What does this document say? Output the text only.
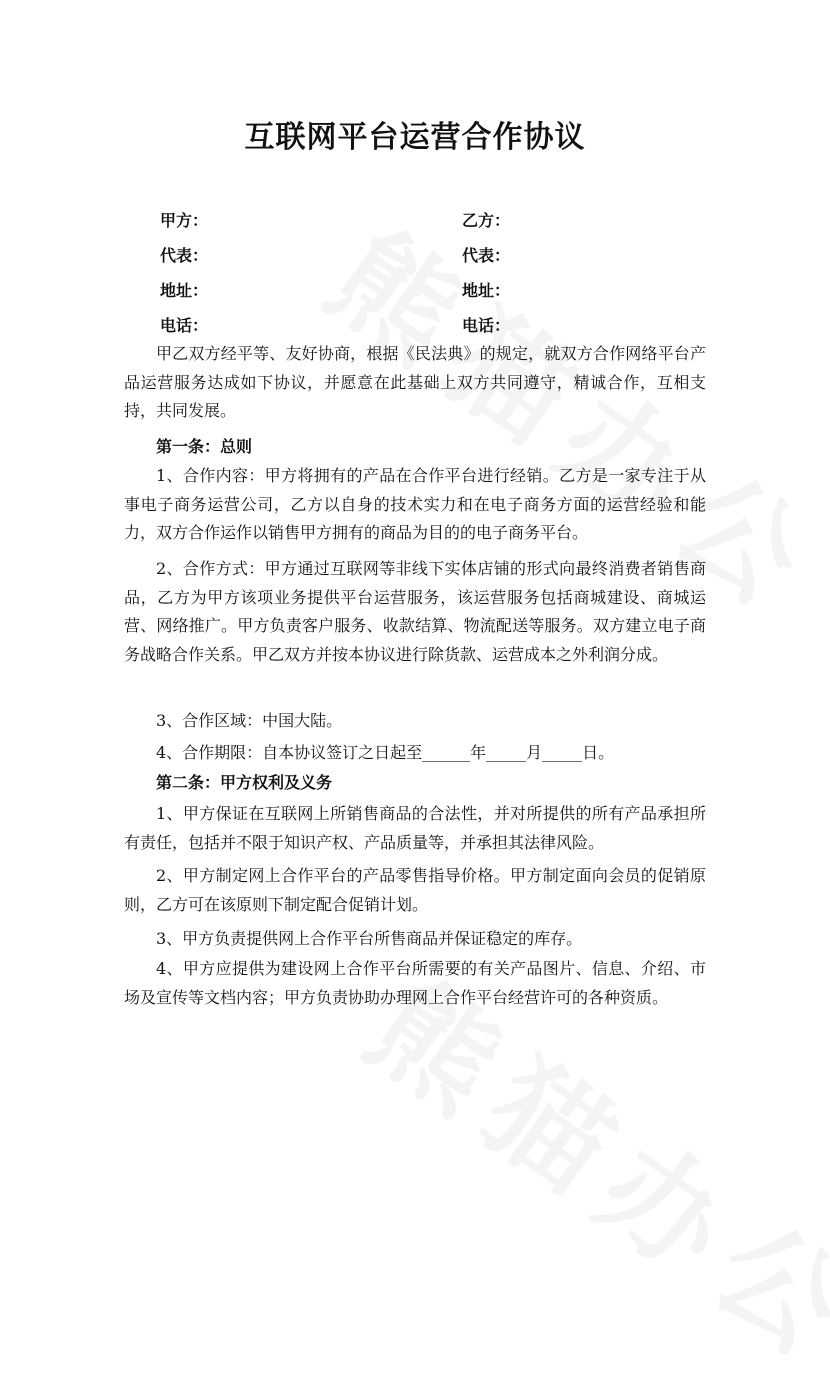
互联网平台运营合作协议
甲方：	乙方：
代表：	代表：
地址：	地址：
电话：	电话：

甲乙双方经平等、友好协商，根据《民法典》的规定，就双方合作网络平台产品运营服务达成如下协议，并愿意在此基础上双方共同遵守，精诚合作，互相支持，共同发展。

第一条：总则

1、合作内容：甲方将拥有的产品在合作平台进行经销。乙方是一家专注于从事电子商务运营公司，乙方以自身的技术实力和在电子商务方面的运营经验和能力，双方合作运作以销售甲方拥有的商品为目的的电子商务平台。

2、合作方式：甲方通过互联网等非线下实体店铺的形式向最终消费者销售商品，乙方为甲方该项业务提供平台运营服务，该运营服务包括商城建设、商城运营、网络推广。甲方负责客户服务、收款结算、物流配送等服务。双方建立电子商务战略合作关系。甲乙双方并按本协议进行除货款、运营成本之外利润分成。

3、合作区域：中国大陆。

4、合作期限：自本协议签订之日起至______年_____月_____日。

第二条：甲方权利及义务

1、甲方保证在互联网上所销售商品的合法性，并对所提供的所有产品承担所有责任，包括并不限于知识产权、产品质量等，并承担其法律风险。

2、甲方制定网上合作平台的产品零售指导价格。甲方制定面向会员的促销原则，乙方可在该原则下制定配合促销计划。

3、甲方负责提供网上合作平台所售商品并保证稳定的库存。

4、甲方应提供为建设网上合作平台所需要的有关产品图片、信息、介绍、市场及宣传等文档内容；甲方负责协助办理网上合作平台经营许可的各种资质。
